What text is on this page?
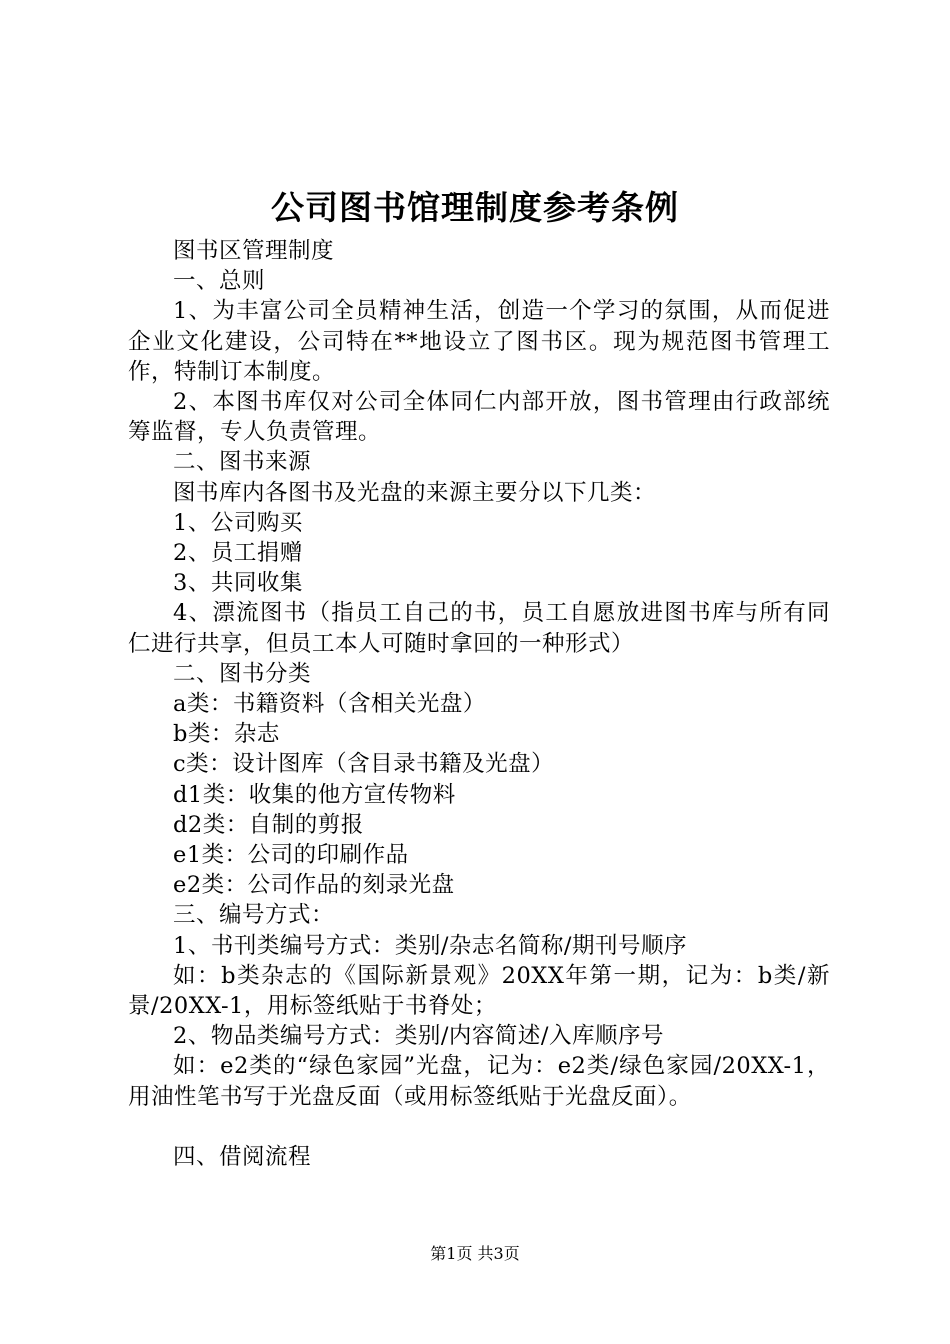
公司图书馆理制度参考条例

图书区管理制度

一、总则

1、为丰富公司全员精神生活，创造一个学习的氛围，从而促进企业文化建设，公司特在**地设立了图书区。现为规范图书管理工作，特制订本制度。

2、本图书库仅对公司全体同仁内部开放，图书管理由行政部统筹监督，专人负责管理。

二、图书来源

图书库内各图书及光盘的来源主要分以下几类：

1、公司购买

2、员工捐赠

3、共同收集

4、漂流图书（指员工自己的书，员工自愿放进图书库与所有同仁进行共享，但员工本人可随时拿回的一种形式）

二、图书分类

a类：书籍资料（含相关光盘）

b类：杂志

c类：设计图库（含目录书籍及光盘）

d1类：收集的他方宣传物料

d2类：自制的剪报

e1类：公司的印刷作品

e2类：公司作品的刻录光盘

三、编号方式：

1、书刊类编号方式：类别/杂志名简称/期刊号顺序

如：b类杂志的《国际新景观》20XX年第一期，记为：b类/新景/20XX-1，用标签纸贴于书脊处；

2、物品类编号方式：类别/内容简述/入库顺序号

如：e2类的“绿色家园”光盘，记为：e2类/绿色家园/20XX-1，用油性笔书写于光盘反面（或用标签纸贴于光盘反面）。

四、借阅流程

第1页 共3页
